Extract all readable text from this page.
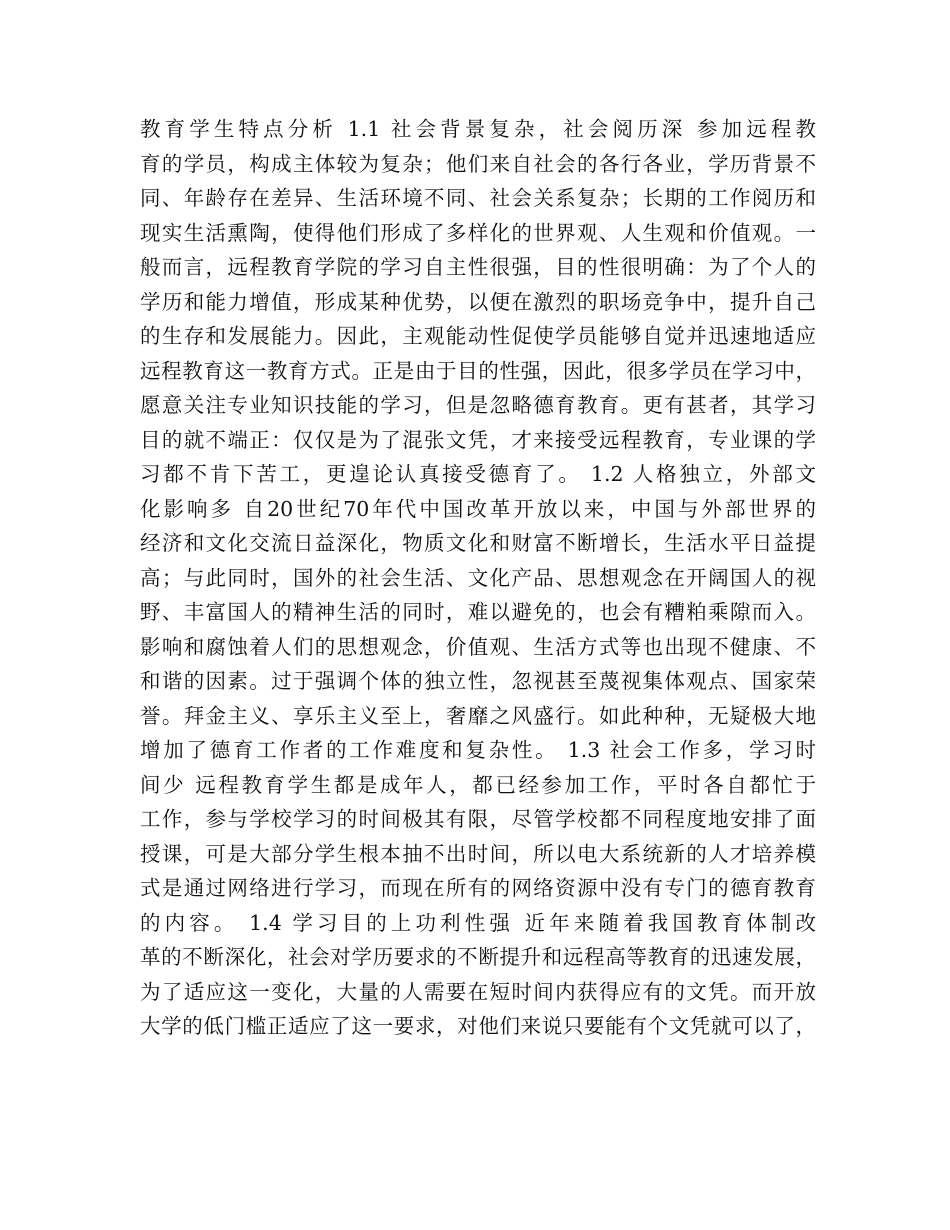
教育学生特点分析 1.1 社会背景复杂，社会阅历深 参加远程教
育的学员，构成主体较为复杂；他们来自社会的各行各业，学历背景不
同、年龄存在差异、生活环境不同、社会关系复杂；长期的工作阅历和
现实生活熏陶，使得他们形成了多样化的世界观、人生观和价值观。一
般而言，远程教育学院的学习自主性很强，目的性很明确：为了个人的
学历和能力增值，形成某种优势，以便在激烈的职场竞争中，提升自己
的生存和发展能力。因此，主观能动性促使学员能够自觉并迅速地适应
远程教育这一教育方式。正是由于目的性强，因此，很多学员在学习中，
愿意关注专业知识技能的学习，但是忽略德育教育。更有甚者，其学习
目的就不端正：仅仅是为了混张文凭，才来接受远程教育，专业课的学
习都不肯下苦工，更遑论认真接受德育了。 1.2 人格独立，外部文
化影响多 自20世纪70年代中国改革开放以来，中国与外部世界的
经济和文化交流日益深化，物质文化和财富不断增长，生活水平日益提
高；与此同时，国外的社会生活、文化产品、思想观念在开阔国人的视
野、丰富国人的精神生活的同时，难以避免的，也会有糟粕乘隙而入。
影响和腐蚀着人们的思想观念，价值观、生活方式等也出现不健康、不
和谐的因素。过于强调个体的独立性，忽视甚至蔑视集体观点、国家荣
誉。拜金主义、享乐主义至上，奢靡之风盛行。如此种种，无疑极大地
增加了德育工作者的工作难度和复杂性。 1.3 社会工作多，学习时
间少 远程教育学生都是成年人，都已经参加工作，平时各自都忙于
工作，参与学校学习的时间极其有限，尽管学校都不同程度地安排了面
授课，可是大部分学生根本抽不出时间，所以电大系统新的人才培养模
式是通过网络进行学习，而现在所有的网络资源中没有专门的德育教育
的内容。 1.4 学习目的上功利性强 近年来随着我国教育体制改
革的不断深化，社会对学历要求的不断提升和远程高等教育的迅速发展，
为了适应这一变化，大量的人需要在短时间内获得应有的文凭。而开放
大学的低门槛正适应了这一要求，对他们来说只要能有个文凭就可以了，
